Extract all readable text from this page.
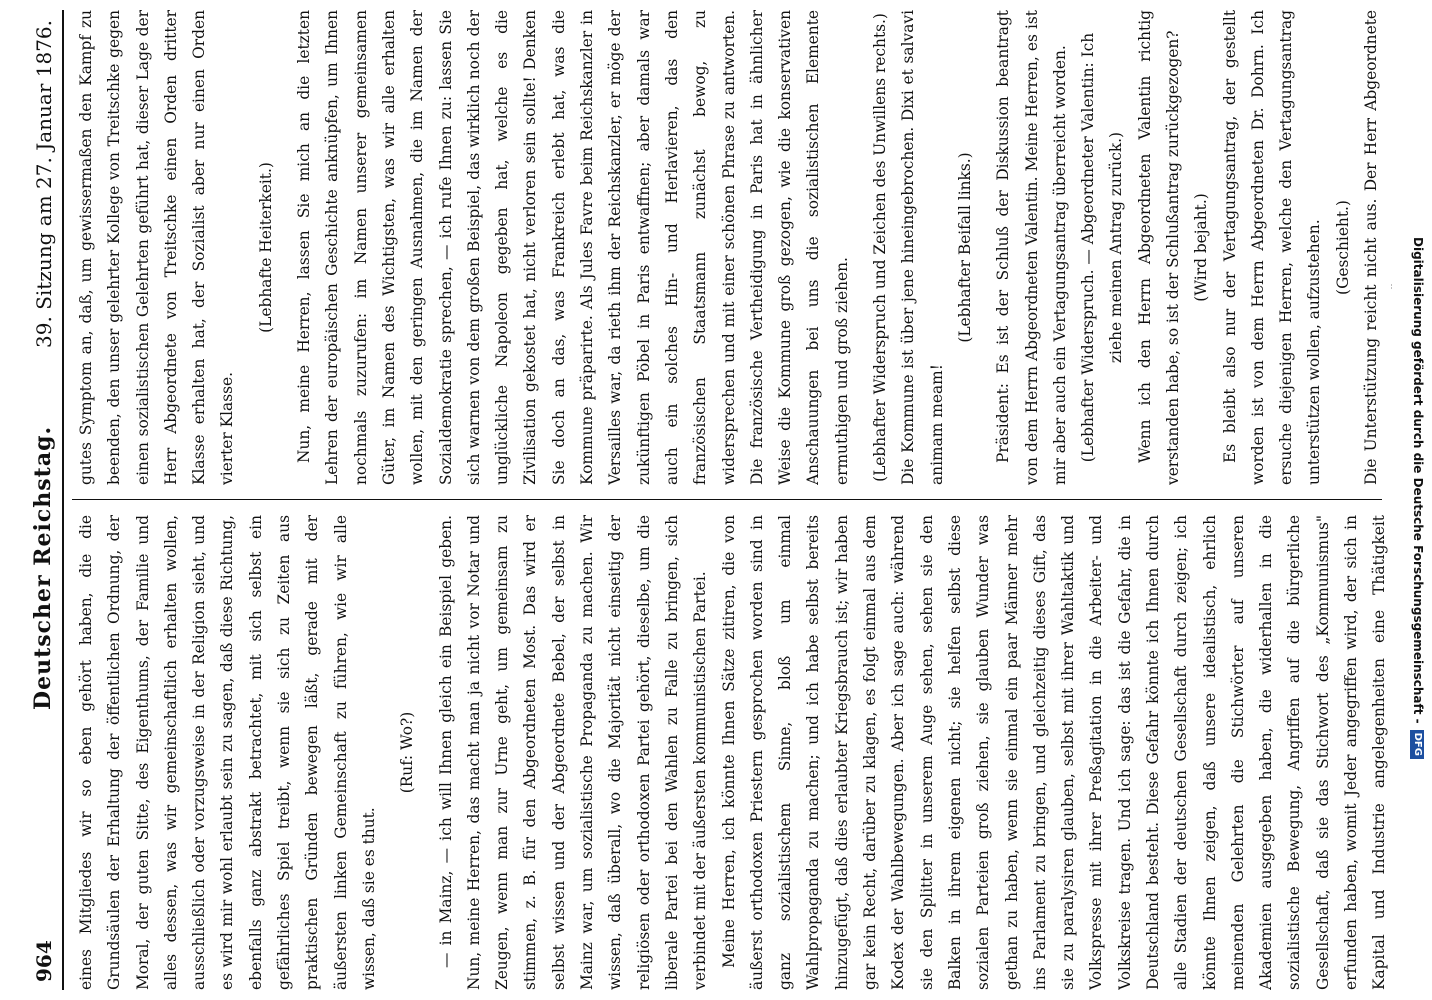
964
Deutscher Reichstag.
39. Sitzung am 27. Januar 1876.

eines Mitgliedes wir so eben gehört haben, die die Grundsäulen der Erhaltung der öffentlichen Ordnung, der Moral, der guten Sitte, des Eigenthums, der Familie und alles dessen, was wir gemeinschaftlich erhalten wollen, ausschließlich oder vorzugsweise in der Religion sieht, und es wird mir wohl erlaubt sein zu sagen, daß diese Richtung, ebenfalls ganz abstrakt betrachtet, mit sich selbst ein gefährliches Spiel treibt, wenn sie sich zu Zeiten aus praktischen Gründen bewegen läßt, gerade mit der äußersten linken Gemeinschaft zu führen, wie wir alle wissen, daß sie es thut.

(Ruf: Wo?)	— in Mainz, — ich will Ihnen gleich ein Beispiel geben. Nun, meine Herren, das macht man ja nicht vor Notar und Zeugen, wenn man zur Urne geht, um gemeinsam zu stimmen, z. B. für den Abgeordneten Most. Das wird er selbst wissen und der Abgeordnete Bebel, der selbst in Mainz war, um sozialistische Propaganda zu machen. Wir wissen, daß überall, wo die Majorität nicht einseitig der religiösen oder orthodoxen Partei gehört, dieselbe, um die liberale Partei bei den Wahlen zu Falle zu bringen, sich verbindet mit der äußersten kommunistischen Partei. Meine Herren, ich könnte Ihnen Sätze zitiren, die von äußerst orthodoxen Priestern gesprochen worden sind in ganz sozialistischem Sinne, bloß um einmal Wahlpropaganda zu machen; und ich habe selbst bereits hinzugefügt, daß dies erlaubter Kriegsbrauch ist; wir haben gar kein Recht, darüber zu klagen, es folgt einmal aus dem Kodex der Wahlbewegungen. Aber ich sage auch: während sie den Splitter in unserem Auge sehen, sehen sie den Balken in ihrem eigenen nicht; sie helfen selbst diese sozialen Parteien groß ziehen, sie glauben Wunder was gethan zu haben, wenn sie einmal ein paar Männer mehr ins Parlament zu bringen, und gleichzeitig dieses Gift, das sie zu paralysiren glauben, selbst mit ihrer Wahltaktik und Volkspresse mit ihrer Preßagitation in die Arbeiter- und Volkskreise tragen. Und ich sage: das ist die Gefahr, die in Deutschland besteht. Diese Gefahr könnte ich Ihnen durch alle Stadien der deutschen Gesellschaft durch zeigen; ich könnte Ihnen zeigen, daß unsere idealistisch, ehrlich meinenden Gelehrten die Stichwörter auf unseren Akademien ausgegeben haben, die widerhallen in die sozialistische Bewegung, Angriffen auf die bürgerliche Gesellschaft, daß sie das Stichwort des „Kommunismus" erfunden haben, womit Jeder angegriffen wird, der sich in Kapital und Industrie angelegenheiten eine Thätigkeit

gutes Symptom an, daß, um gewissermaßen den Kampf zu beenden, den unser gelehrter Kollege von Treitschke gegen einen sozialistischen Gelehrten geführt hat, dieser Lage der Herr Abgeordnete von Treitschke einen Orden dritter Klasse erhalten hat, der Sozialist aber nur einen Orden vierter Klasse.

(Lebhafte Heiterkeit.)	Nun, meine Herren, lassen Sie mich an die letzten Lehren der europäischen Geschichte anknüpfen, um Ihnen nochmals zuzurufen: im Namen unserer gemeinsamen Güter, im Namen des Wichtigsten, was wir alle erhalten wollen, mit den geringen Ausnahmen, die im Namen der Sozialdemokratie sprechen, — ich rufe Ihnen zu: lassen Sie sich warnen von dem großen Beispiel, das wirklich noch der unglückliche Napoleon gegeben hat, welche es die Zivilisation gekostet hat, nicht verloren sein sollte! Denken Sie doch an das, was Frankreich erlebt hat, was die Kommune präparirte. Als Jules Favre beim Reichskanzler in Versailles war, da rieth ihm der Reichskanzler, er möge der zukünftigen Pöbel in Paris entwaffnen; aber damals war auch ein solches Hin- und Herlavieren, das den französischen Staatsmann zunächst bewog, zu widersprechen und mit einer schönen Phrase zu antworten. Die französische Vertheidigung in Paris hat in ähnlicher Weise die Kommune groß gezogen, wie die konservativen Anschauungen bei uns die sozialistischen Elemente ermuthigen und groß ziehen.	(Lebhafter Widerspruch und Zeichen des Unwillens rechts.) Die Kommune ist über jene hineingebrochen. Dixi et salvavi animam meam!

(Lebhafter Beifall links.)	Präsident: Es ist der Schluß der Diskussion beantragt von dem Herrn Abgeordneten Valentin. Meine Herren, es ist mir aber auch ein Vertagungsantrag überreicht worden. (Lebhafter Widerspruch. — Abgeordneter Valentin: Ich ziehe meinen Antrag zurück.) Wenn ich den Herrn Abgeordneten Valentin richtig verstanden habe, so ist der Schlußantrag zurückgezogen? (Wird bejaht.) Es bleibt also nur der Vertagungsantrag, der gestellt worden ist von dem Herrn Abgeordneten Dr. Dohrn. Ich ersuche diejenigen Herren, welche den Vertagungsantrag unterstützen wollen, aufzustehen. (Geschieht.)

Die Unterstützung reicht nicht aus. Der Herr Abgeordnete

Digitalisierung gefördert durch die Deutsche Forschungsgemeinschaft -DFG
